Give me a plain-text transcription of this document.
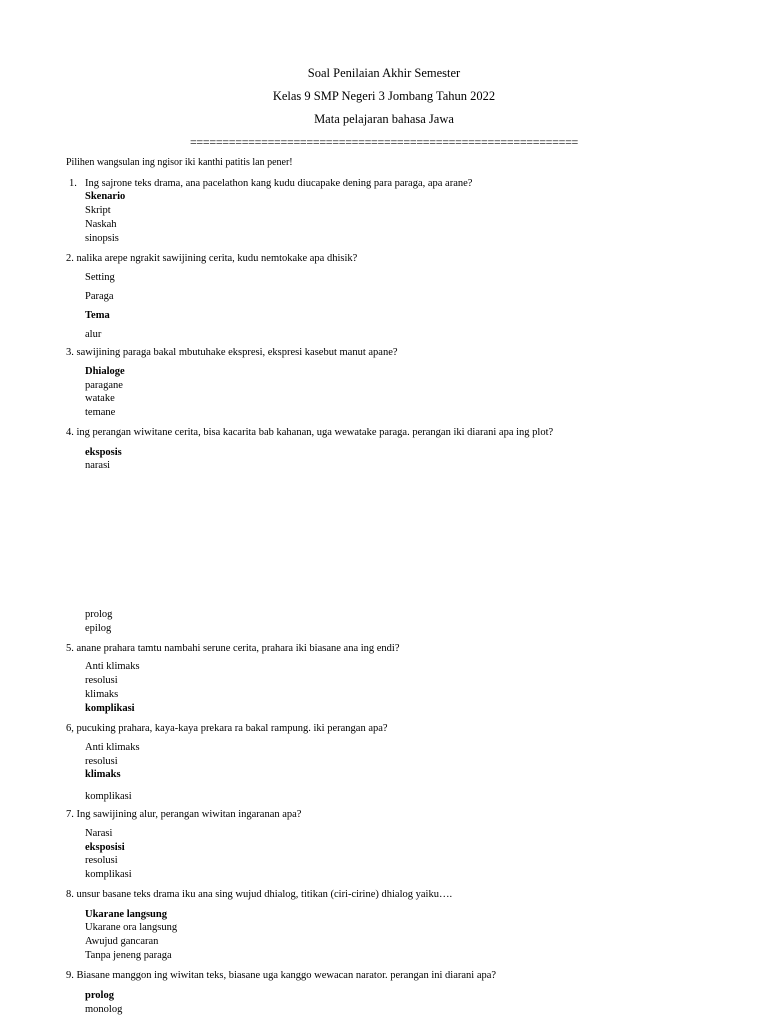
Soal Penilaian Akhir Semester
Kelas 9 SMP Negeri 3 Jombang Tahun 2022
Mata pelajaran bahasa Jawa
============================================================
Pilihen wangsulan ing ngisor iki kanthi patitis lan pener!
1. Ing sajrone teks drama, ana pacelathon kang kudu diucapake dening para paraga, apa arane?
Skenario
Skript
Naskah
sinopsis
2. nalika arepe ngrakit sawijining cerita, kudu nemtokake apa dhisik?
Setting
Paraga
Tema
alur
3. sawijining paraga bakal mbutuhake ekspresi, ekspresi kasebut manut apane?
Dhialoge
paragane
watake
temane
4. ing perangan wiwitane cerita, bisa kacarita bab kahanan, uga wewatake paraga. perangan iki diarani apa ing plot?
eksposis
narasi
prolog
epilog
5. anane prahara tamtu nambahi serune cerita, prahara iki biasane ana ing endi?
Anti klimaks
resolusi
klimaks
komplikasi
6, pucuking prahara, kaya-kaya prekara ra bakal rampung. iki perangan apa?
Anti klimaks
resolusi
klimaks
komplikasi
7. Ing sawijining alur, perangan wiwitan ingaranan apa?
Narasi
eksposisi
resolusi
komplikasi
8. unsur basane teks drama iku ana sing wujud dhialog, titikan (ciri-cirine) dhialog yaiku….
Ukarane langsung
Ukarane ora langsung
Awujud gancaran
Tanpa jeneng paraga
9. Biasane manggon ing wiwitan teks, biasane uga kanggo wewacan narator. perangan ini diarani apa?
prolog
monolog
